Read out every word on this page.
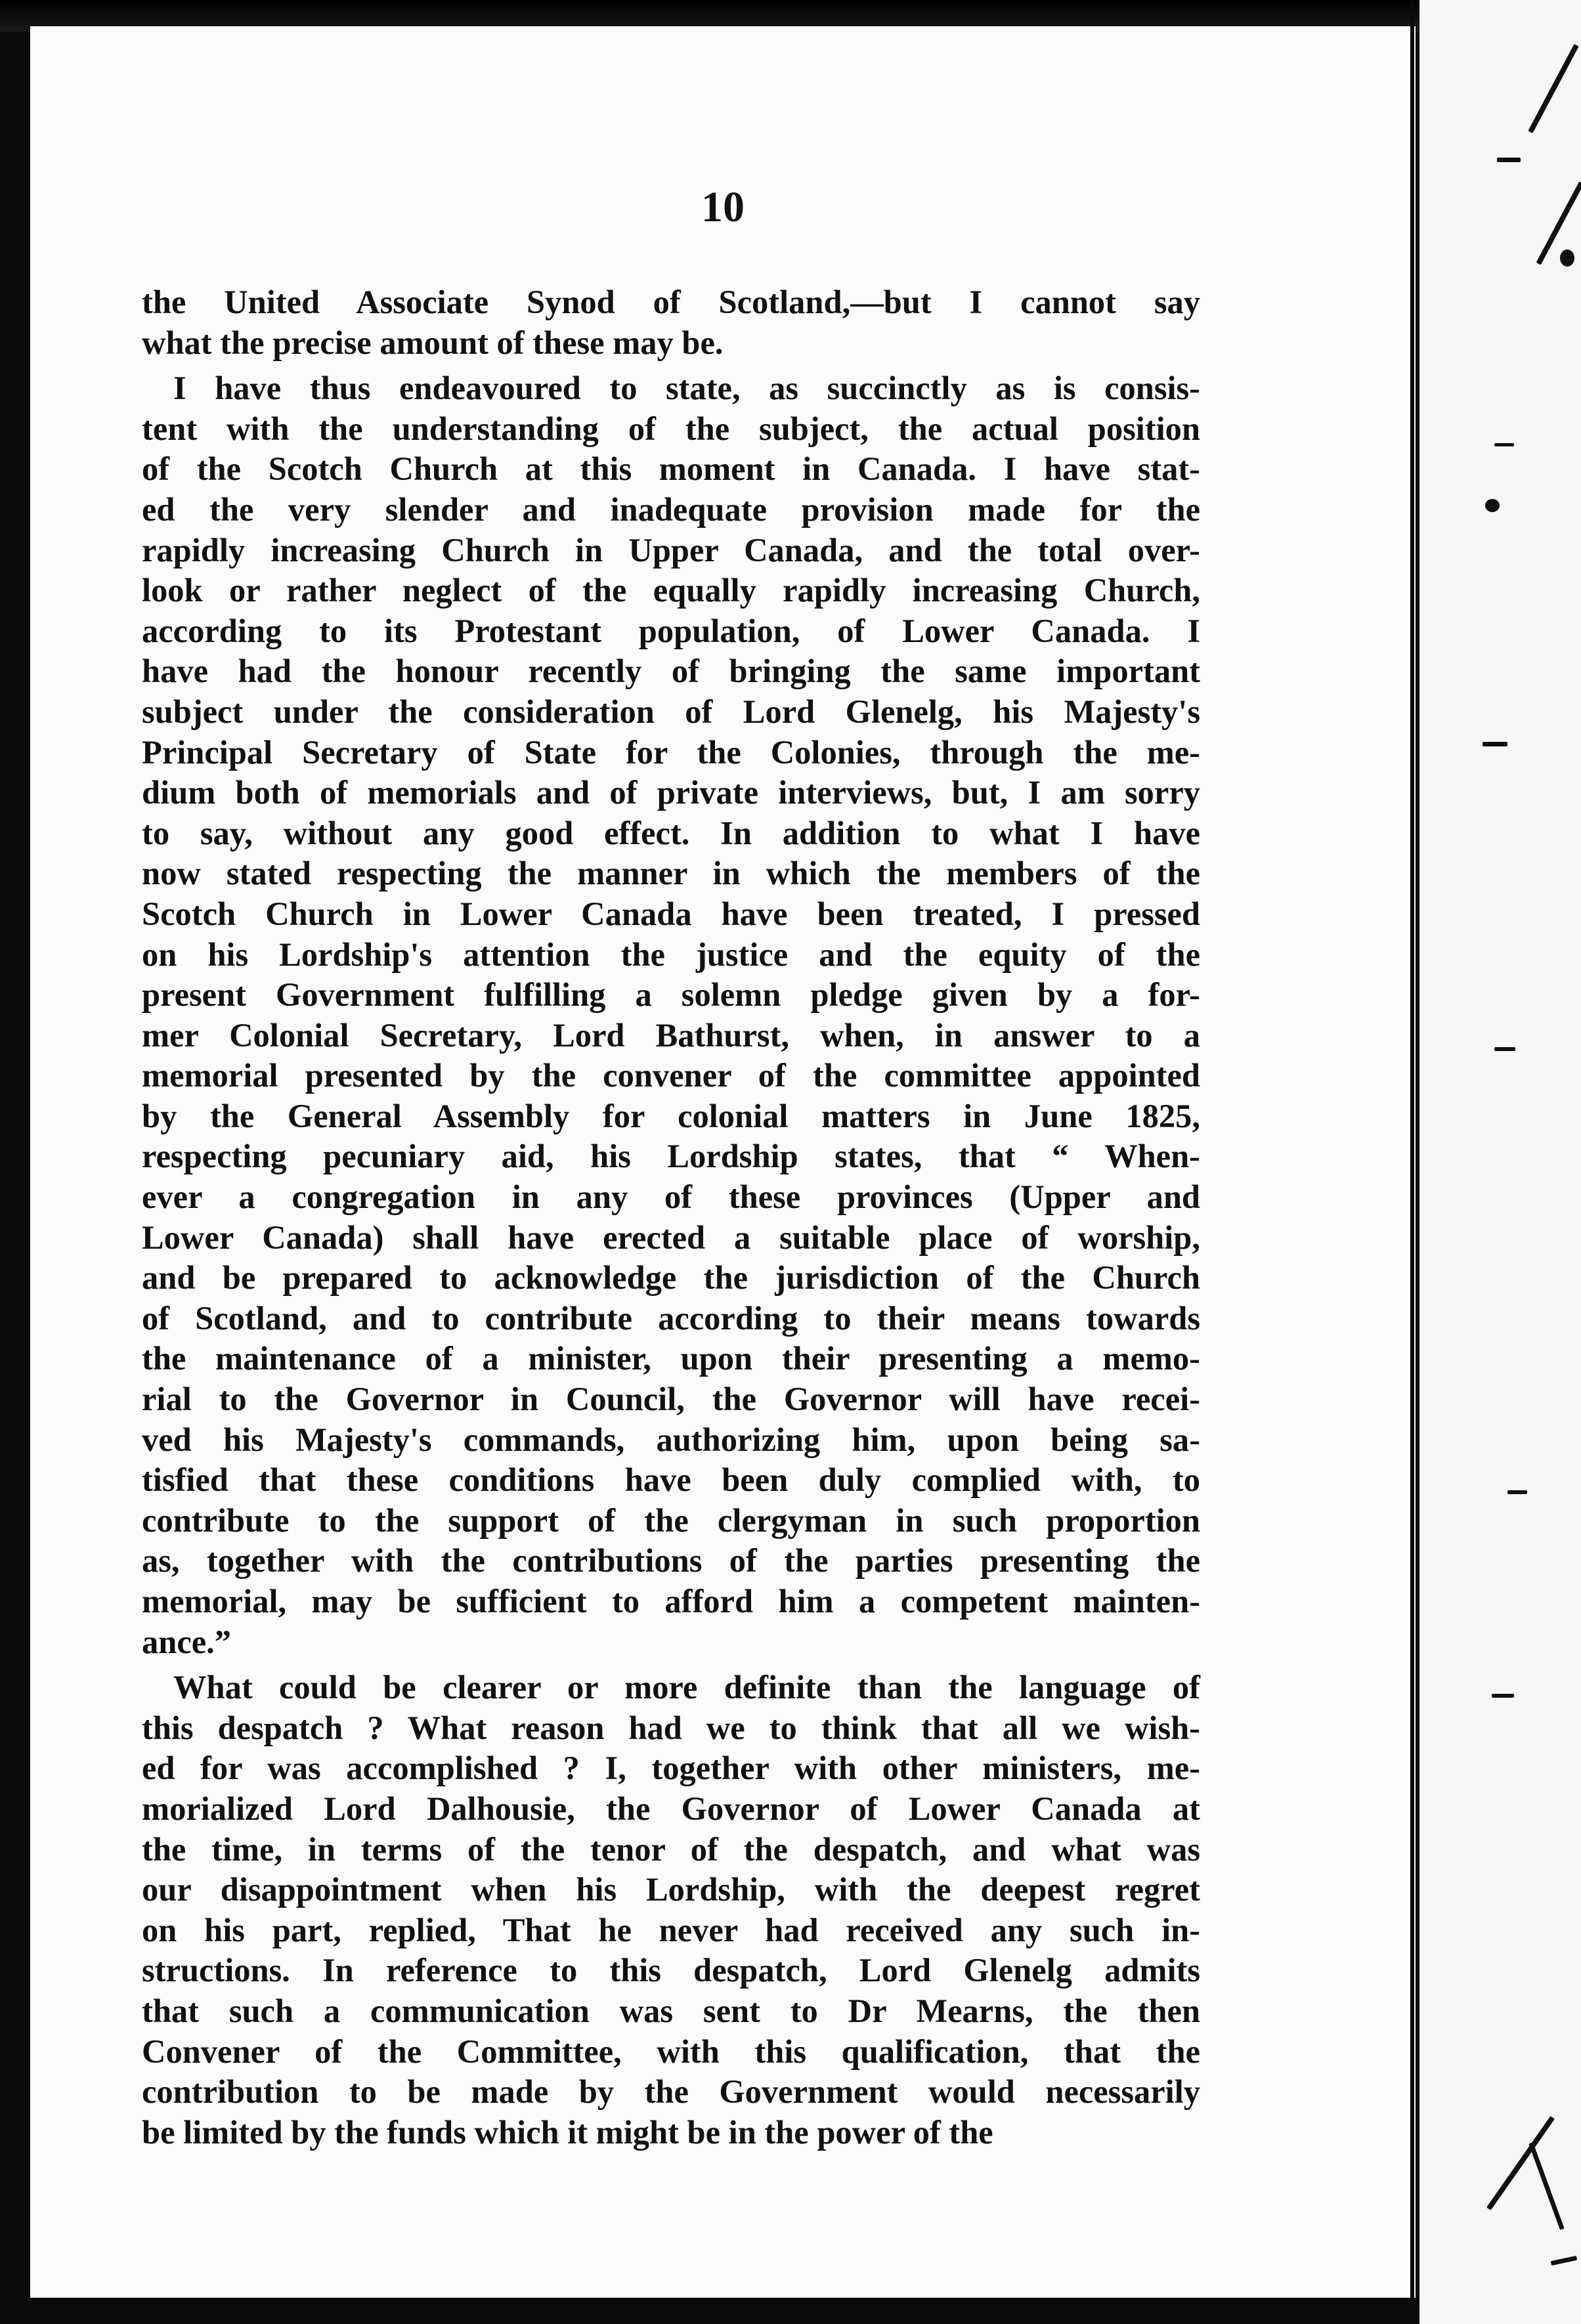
10
the United Associate Synod of Scotland,—but I cannot say
what the precise amount of these may be.
I have thus endeavoured to state, as succinctly as is consis-
tent with the understanding of the subject, the actual position
of the Scotch Church at this moment in Canada. I have stat-
ed the very slender and inadequate provision made for the
rapidly increasing Church in Upper Canada, and the total over-
look or rather neglect of the equally rapidly increasing Church,
according to its Protestant population, of Lower Canada. I
have had the honour recently of bringing the same important
subject under the consideration of Lord Glenelg, his Majesty's
Principal Secretary of State for the Colonies, through the me-
dium both of memorials and of private interviews, but, I am sorry
to say, without any good effect. In addition to what I have
now stated respecting the manner in which the members of the
Scotch Church in Lower Canada have been treated, I pressed
on his Lordship's attention the justice and the equity of the
present Government fulfilling a solemn pledge given by a for-
mer Colonial Secretary, Lord Bathurst, when, in answer to a
memorial presented by the convener of the committee appointed
by the General Assembly for colonial matters in June 1825,
respecting pecuniary aid, his Lordship states, that “ When-
ever a congregation in any of these provinces (Upper and
Lower Canada) shall have erected a suitable place of worship,
and be prepared to acknowledge the jurisdiction of the Church
of Scotland, and to contribute according to their means towards
the maintenance of a minister, upon their presenting a memo-
rial to the Governor in Council, the Governor will have recei-
ved his Majesty's commands, authorizing him, upon being sa-
tisfied that these conditions have been duly complied with, to
contribute to the support of the clergyman in such proportion
as, together with the contributions of the parties presenting the
memorial, may be sufficient to afford him a competent mainten-
ance.”
What could be clearer or more definite than the language of
this despatch ? What reason had we to think that all we wish-
ed for was accomplished ? I, together with other ministers, me-
morialized Lord Dalhousie, the Governor of Lower Canada at
the time, in terms of the tenor of the despatch, and what was
our disappointment when his Lordship, with the deepest regret
on his part, replied, That he never had received any such in-
structions. In reference to this despatch, Lord Glenelg admits
that such a communication was sent to Dr Mearns, the then
Convener of the Committee, with this qualification, that the
contribution to be made by the Government would necessarily
be limited by the funds which it might be in the power of the
